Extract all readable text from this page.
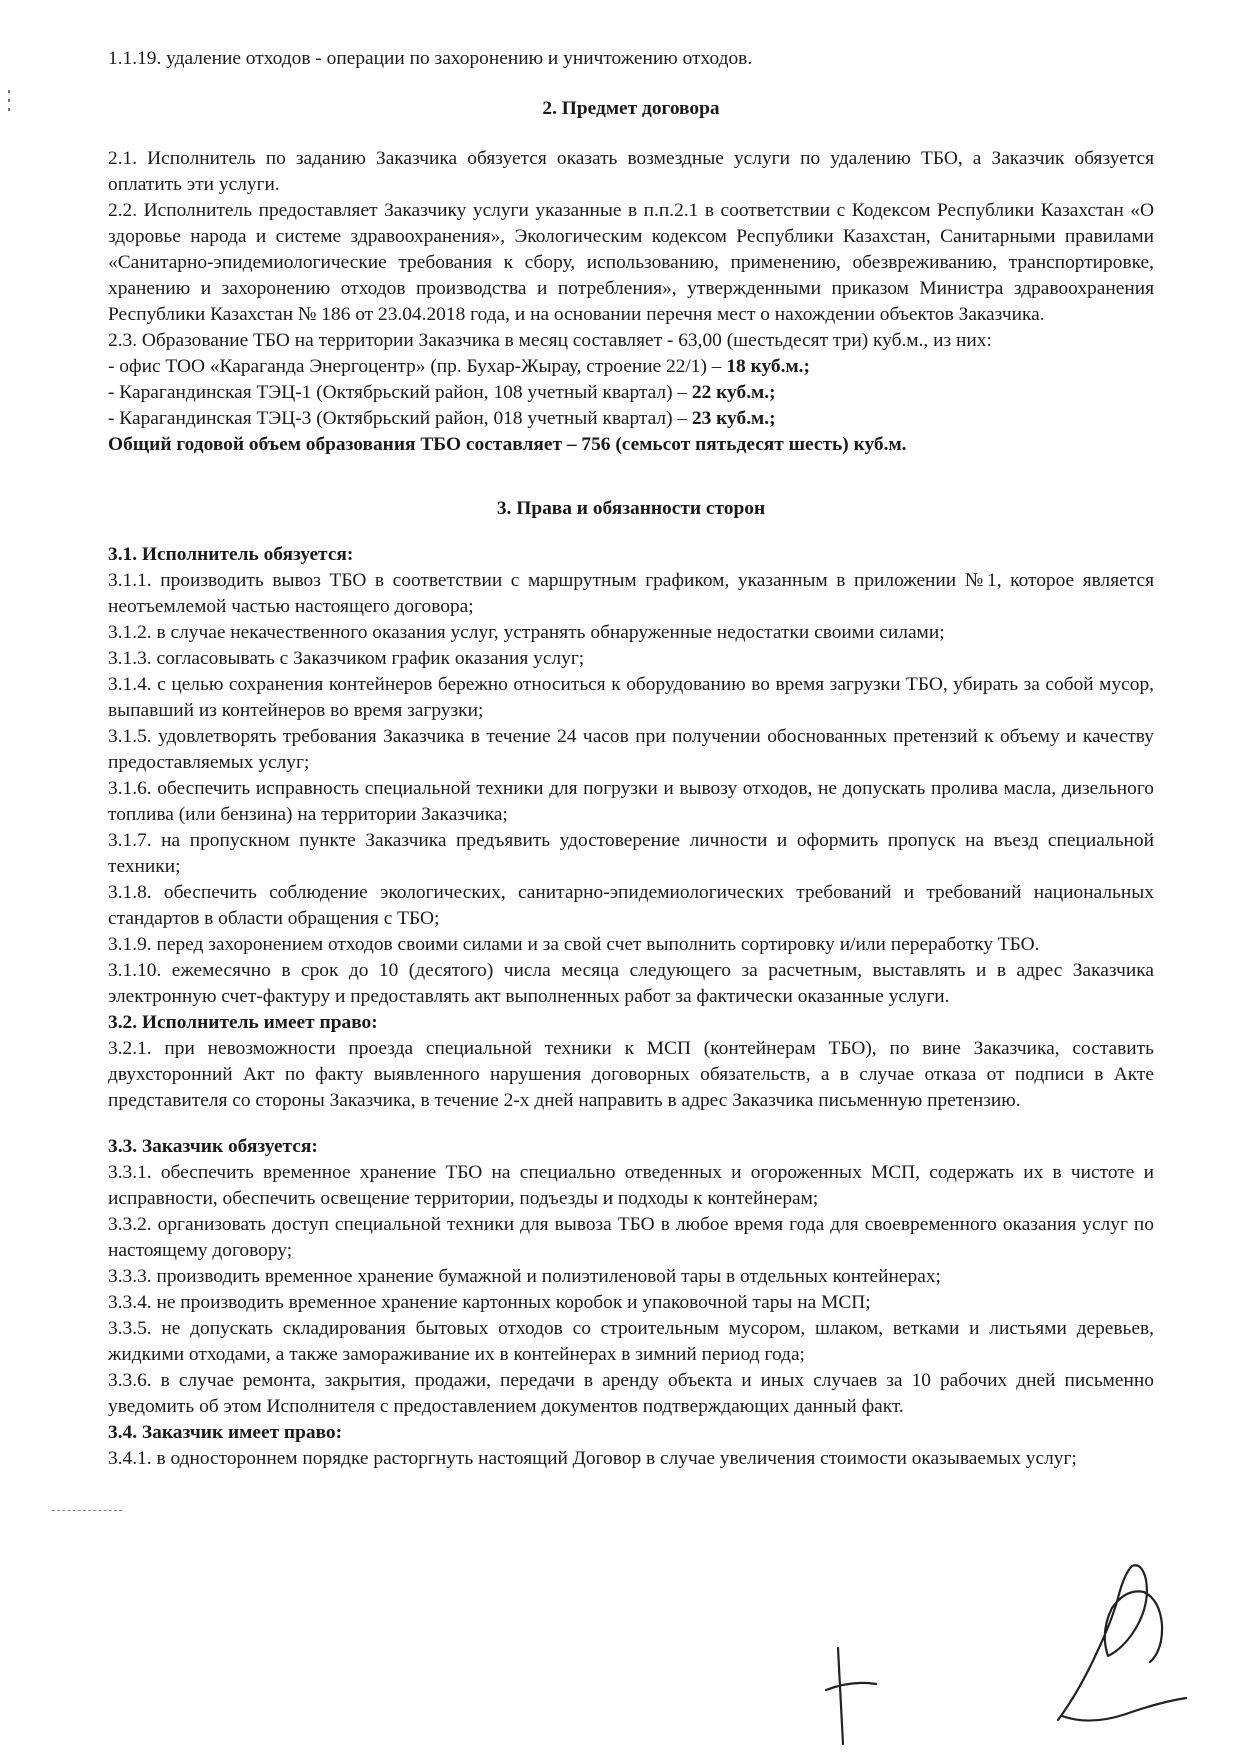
1.1.19. удаление отходов - операции по захоронению и уничтожению отходов.

2. Предмет договора

2.1. Исполнитель по заданию Заказчика обязуется оказать возмездные услуги по удалению ТБО, а Заказчик обязуется оплатить эти услуги.

2.2. Исполнитель предоставляет Заказчику услуги указанные в п.п.2.1 в соответствии с Кодексом Республики Казахстан «О здоровье народа и системе здравоохранения», Экологическим кодексом Республики Казахстан, Санитарными правилами «Санитарно-эпидемиологические требования к сбору, использованию, применению, обезвреживанию, транспортировке, хранению и захоронению отходов производства и потребления», утвержденными приказом Министра здравоохранения Республики Казахстан № 186 от 23.04.2018 года, и на основании перечня мест о нахождении объектов Заказчика.

2.3. Образование ТБО на территории Заказчика в месяц составляет - 63,00 (шестьдесят три) куб.м., из них:

- офис ТОО «Караганда Энергоцентр» (пр. Бухар-Жырау, строение 22/1) – 18 куб.м.;

- Карагандинская ТЭЦ-1 (Октябрьский район, 108 учетный квартал) – 22 куб.м.;

- Карагандинская ТЭЦ-3 (Октябрьский район, 018 учетный квартал) – 23 куб.м.;

Общий годовой объем образования ТБО составляет – 756 (семьсот пятьдесят шесть) куб.м.

3. Права и обязанности сторон

3.1. Исполнитель обязуется:

3.1.1. производить вывоз ТБО в соответствии с маршрутным графиком, указанным в приложении №1, которое является неотъемлемой частью настоящего договора;

3.1.2. в случае некачественного оказания услуг, устранять обнаруженные недостатки своими силами;

3.1.3. согласовывать с Заказчиком график оказания услуг;

3.1.4. с целью сохранения контейнеров бережно относиться к оборудованию во время загрузки ТБО, убирать за собой мусор, выпавший из контейнеров во время загрузки;

3.1.5. удовлетворять требования Заказчика в течение 24 часов при получении обоснованных претензий к объему и качеству предоставляемых услуг;

3.1.6. обеспечить исправность специальной техники для погрузки и вывозу отходов, не допускать пролива масла, дизельного топлива (или бензина) на территории Заказчика;

3.1.7. на пропускном пункте Заказчика предъявить удостоверение личности и оформить пропуск на въезд специальной техники;

3.1.8. обеспечить соблюдение экологических, санитарно-эпидемиологических требований и требований национальных стандартов в области обращения с ТБО;

3.1.9. перед захоронением отходов своими силами и за свой счет выполнить сортировку и/или переработку ТБО.

3.1.10. ежемесячно в срок до 10 (десятого) числа месяца следующего за расчетным, выставлять и в адрес Заказчика электронную счет-фактуру и предоставлять акт выполненных работ за фактически оказанные услуги.

3.2. Исполнитель имеет право:

3.2.1. при невозможности проезда специальной техники к МСП (контейнерам ТБО), по вине Заказчика, составить двухсторонний Акт по факту выявленного нарушения договорных обязательств, а в случае отказа от подписи в Акте представителя со стороны Заказчика, в течение 2-х дней направить в адрес Заказчика письменную претензию.

3.3. Заказчик обязуется:

3.3.1. обеспечить временное хранение ТБО на специально отведенных и огороженных МСП, содержать их в чистоте и исправности, обеспечить освещение территории, подъезды и подходы к контейнерам;

3.3.2. организовать доступ специальной техники для вывоза ТБО в любое время года для своевременного оказания услуг по настоящему договору;

3.3.3. производить временное хранение бумажной и полиэтиленовой тары в отдельных контейнерах;

3.3.4. не производить временное хранение картонных коробок и упаковочной тары на МСП;

3.3.5. не допускать складирования бытовых отходов со строительным мусором, шлаком, ветками и листьями деревьев, жидкими отходами, а также замораживание их в контейнерах в зимний период года;

3.3.6. в случае ремонта, закрытия, продажи, передачи в аренду объекта и иных случаев за 10 рабочих дней письменно уведомить об этом Исполнителя с предоставлением документов подтверждающих данный факт.

3.4. Заказчик имеет право:

3.4.1. в одностороннем порядке расторгнуть настоящий Договор в случае увеличения стоимости оказываемых услуг;
